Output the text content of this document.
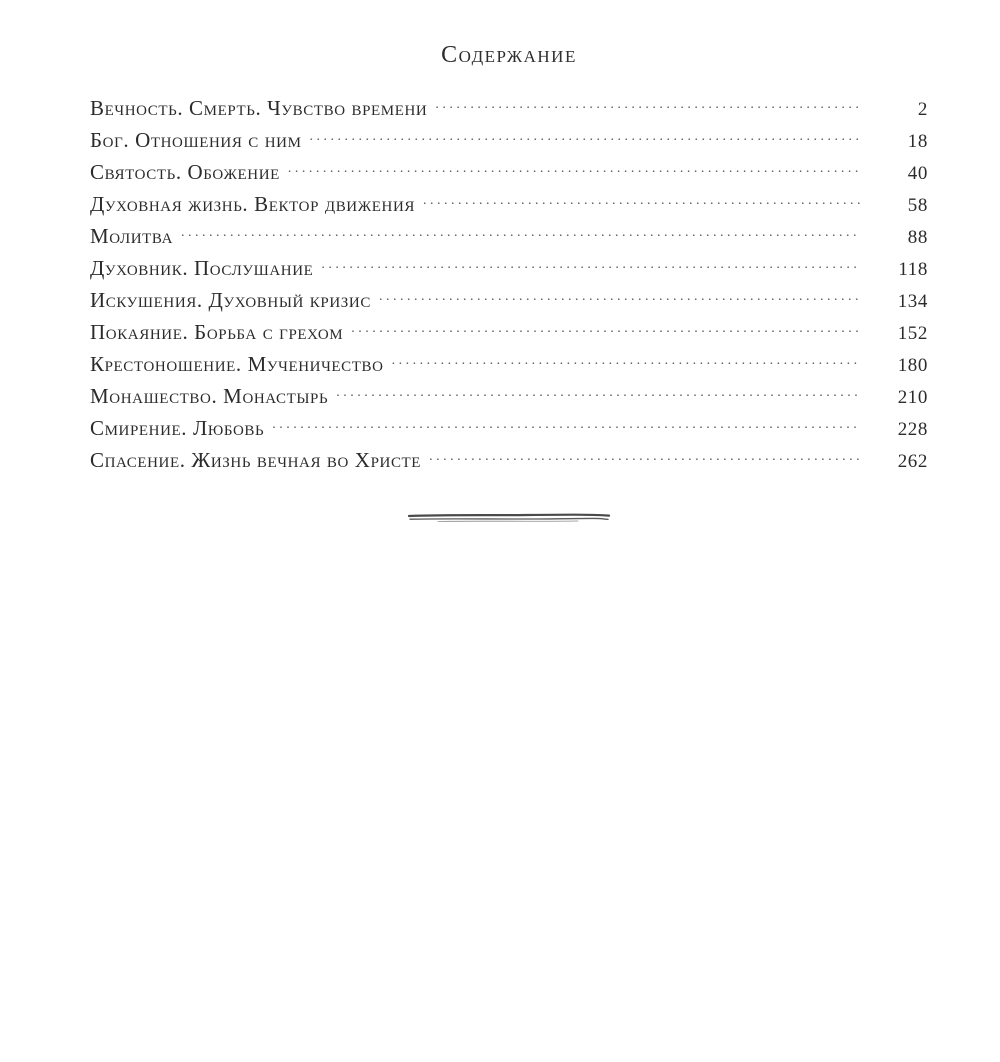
Содержание
Вечность. Смерть. Чувство времени . . .	2
Бог. Отношения с ним . . .	18
Святость. Обожение . . .	40
Духовная жизнь. Вектор движения . . .	58
Молитва . . .	88
Духовник. Послушание . . .	118
Искушения. Духовный кризис . . .	134
Покаяние. Борьба с грехом . . .	152
Крестоношение. Мученичество . . .	180
Монашество. Монастырь . . .	210
Смирение. Любовь . . .	228
Спасение. Жизнь вечная во Христе . . .	262
